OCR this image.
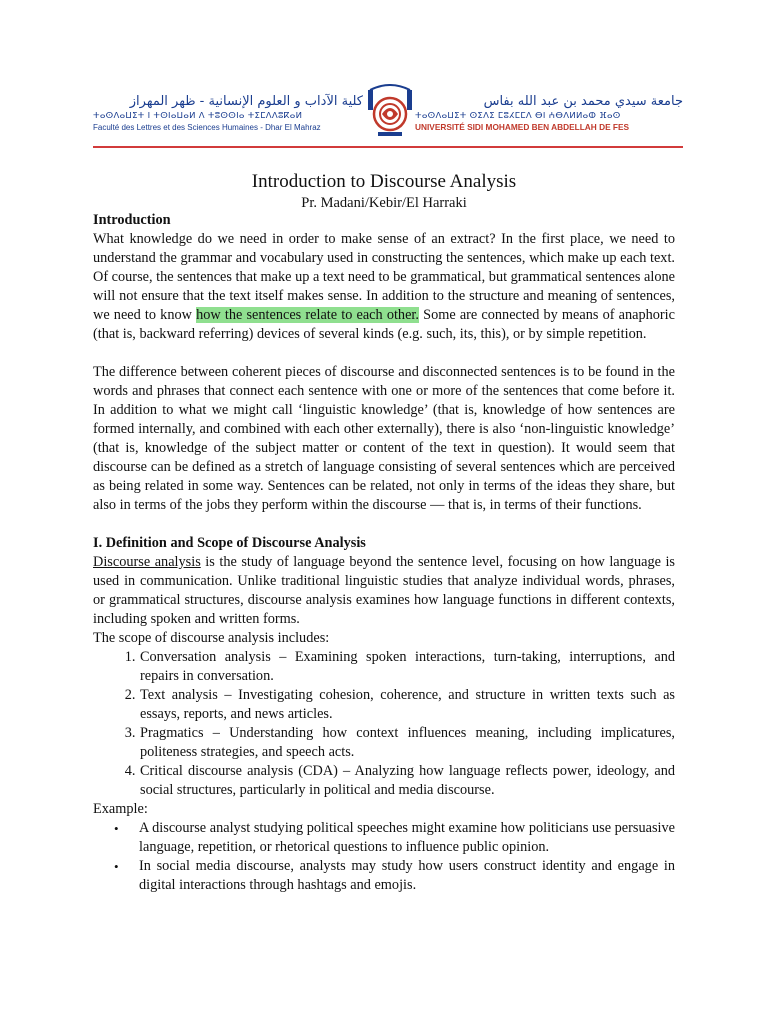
كلية الآداب و العلوم الإنسانية - ظهر المهراز
ⵜⴰⵙⴷⴰⵡⵉⵜ ⵏ ⵜⵙⵏⴰⵡⴰⵍ ⴷ ⵜⵓⵙⵙⵏⴰ ⵜⵉⵎⴷⴷⵓⴽⴰⵍ
Faculté des Lettres et des Sciences Humaines - Dhar El Mahraz
جامعة سيدي محمد بن عبد الله بفاس
ⵜⴰⵙⴷⴰⵡⵉⵜ ⵙⵉⴷⵉ ⵎⵓⵃⵎⵎⴷ ⴱⵏ ⵄⴱⴷⵍⵍⴰⵀ ⴼⴰⵙ
UNIVERSITÉ SIDI MOHAMED BEN ABDELLAH DE FES
Introduction to Discourse Analysis
Pr. Madani/Kebir/El Harraki

Introduction

What knowledge do we need in order to make sense of an extract? In the first place, we need to understand the grammar and vocabulary used in constructing the sentences, which make up each text. Of course, the sentences that make up a text need to be grammatical, but grammatical sentences alone will not ensure that the text itself makes sense. In addition to the structure and meaning of sentences, we need to know how the sentences relate to each other. Some are connected by means of anaphoric (that is, backward referring) devices of several kinds (e.g. such, its, this), or by simple repetition.

The difference between coherent pieces of discourse and disconnected sentences is to be found in the words and phrases that connect each sentence with one or more of the sentences that come before it. In addition to what we might call ‘linguistic knowledge’ (that is, knowledge of how sentences are formed internally, and combined with each other externally), there is also ‘non-linguistic knowledge’ (that is, knowledge of the subject matter or content of the text in question). It would seem that discourse can be defined as a stretch of language consisting of several sentences which are perceived as being related in some way. Sentences can be related, not only in terms of the ideas they share, but also in terms of the jobs they perform within the discourse — that is, in terms of their functions.

I. Definition and Scope of Discourse Analysis

Discourse analysis is the study of language beyond the sentence level, focusing on how language is used in communication. Unlike traditional linguistic studies that analyze individual words, phrases, or grammatical structures, discourse analysis examines how language functions in different contexts, including spoken and written forms.

The scope of discourse analysis includes:

1. Conversation analysis – Examining spoken interactions, turn-taking, interruptions, and repairs in conversation.
2. Text analysis – Investigating cohesion, coherence, and structure in written texts such as essays, reports, and news articles.
3. Pragmatics – Understanding how context influences meaning, including implicatures, politeness strategies, and speech acts.
4. Critical discourse analysis (CDA) – Analyzing how language reflects power, ideology, and social structures, particularly in political and media discourse.

Example:

• A discourse analyst studying political speeches might examine how politicians use persuasive language, repetition, or rhetorical questions to influence public opinion.
• In social media discourse, analysts may study how users construct identity and engage in digital interactions through hashtags and emojis.
